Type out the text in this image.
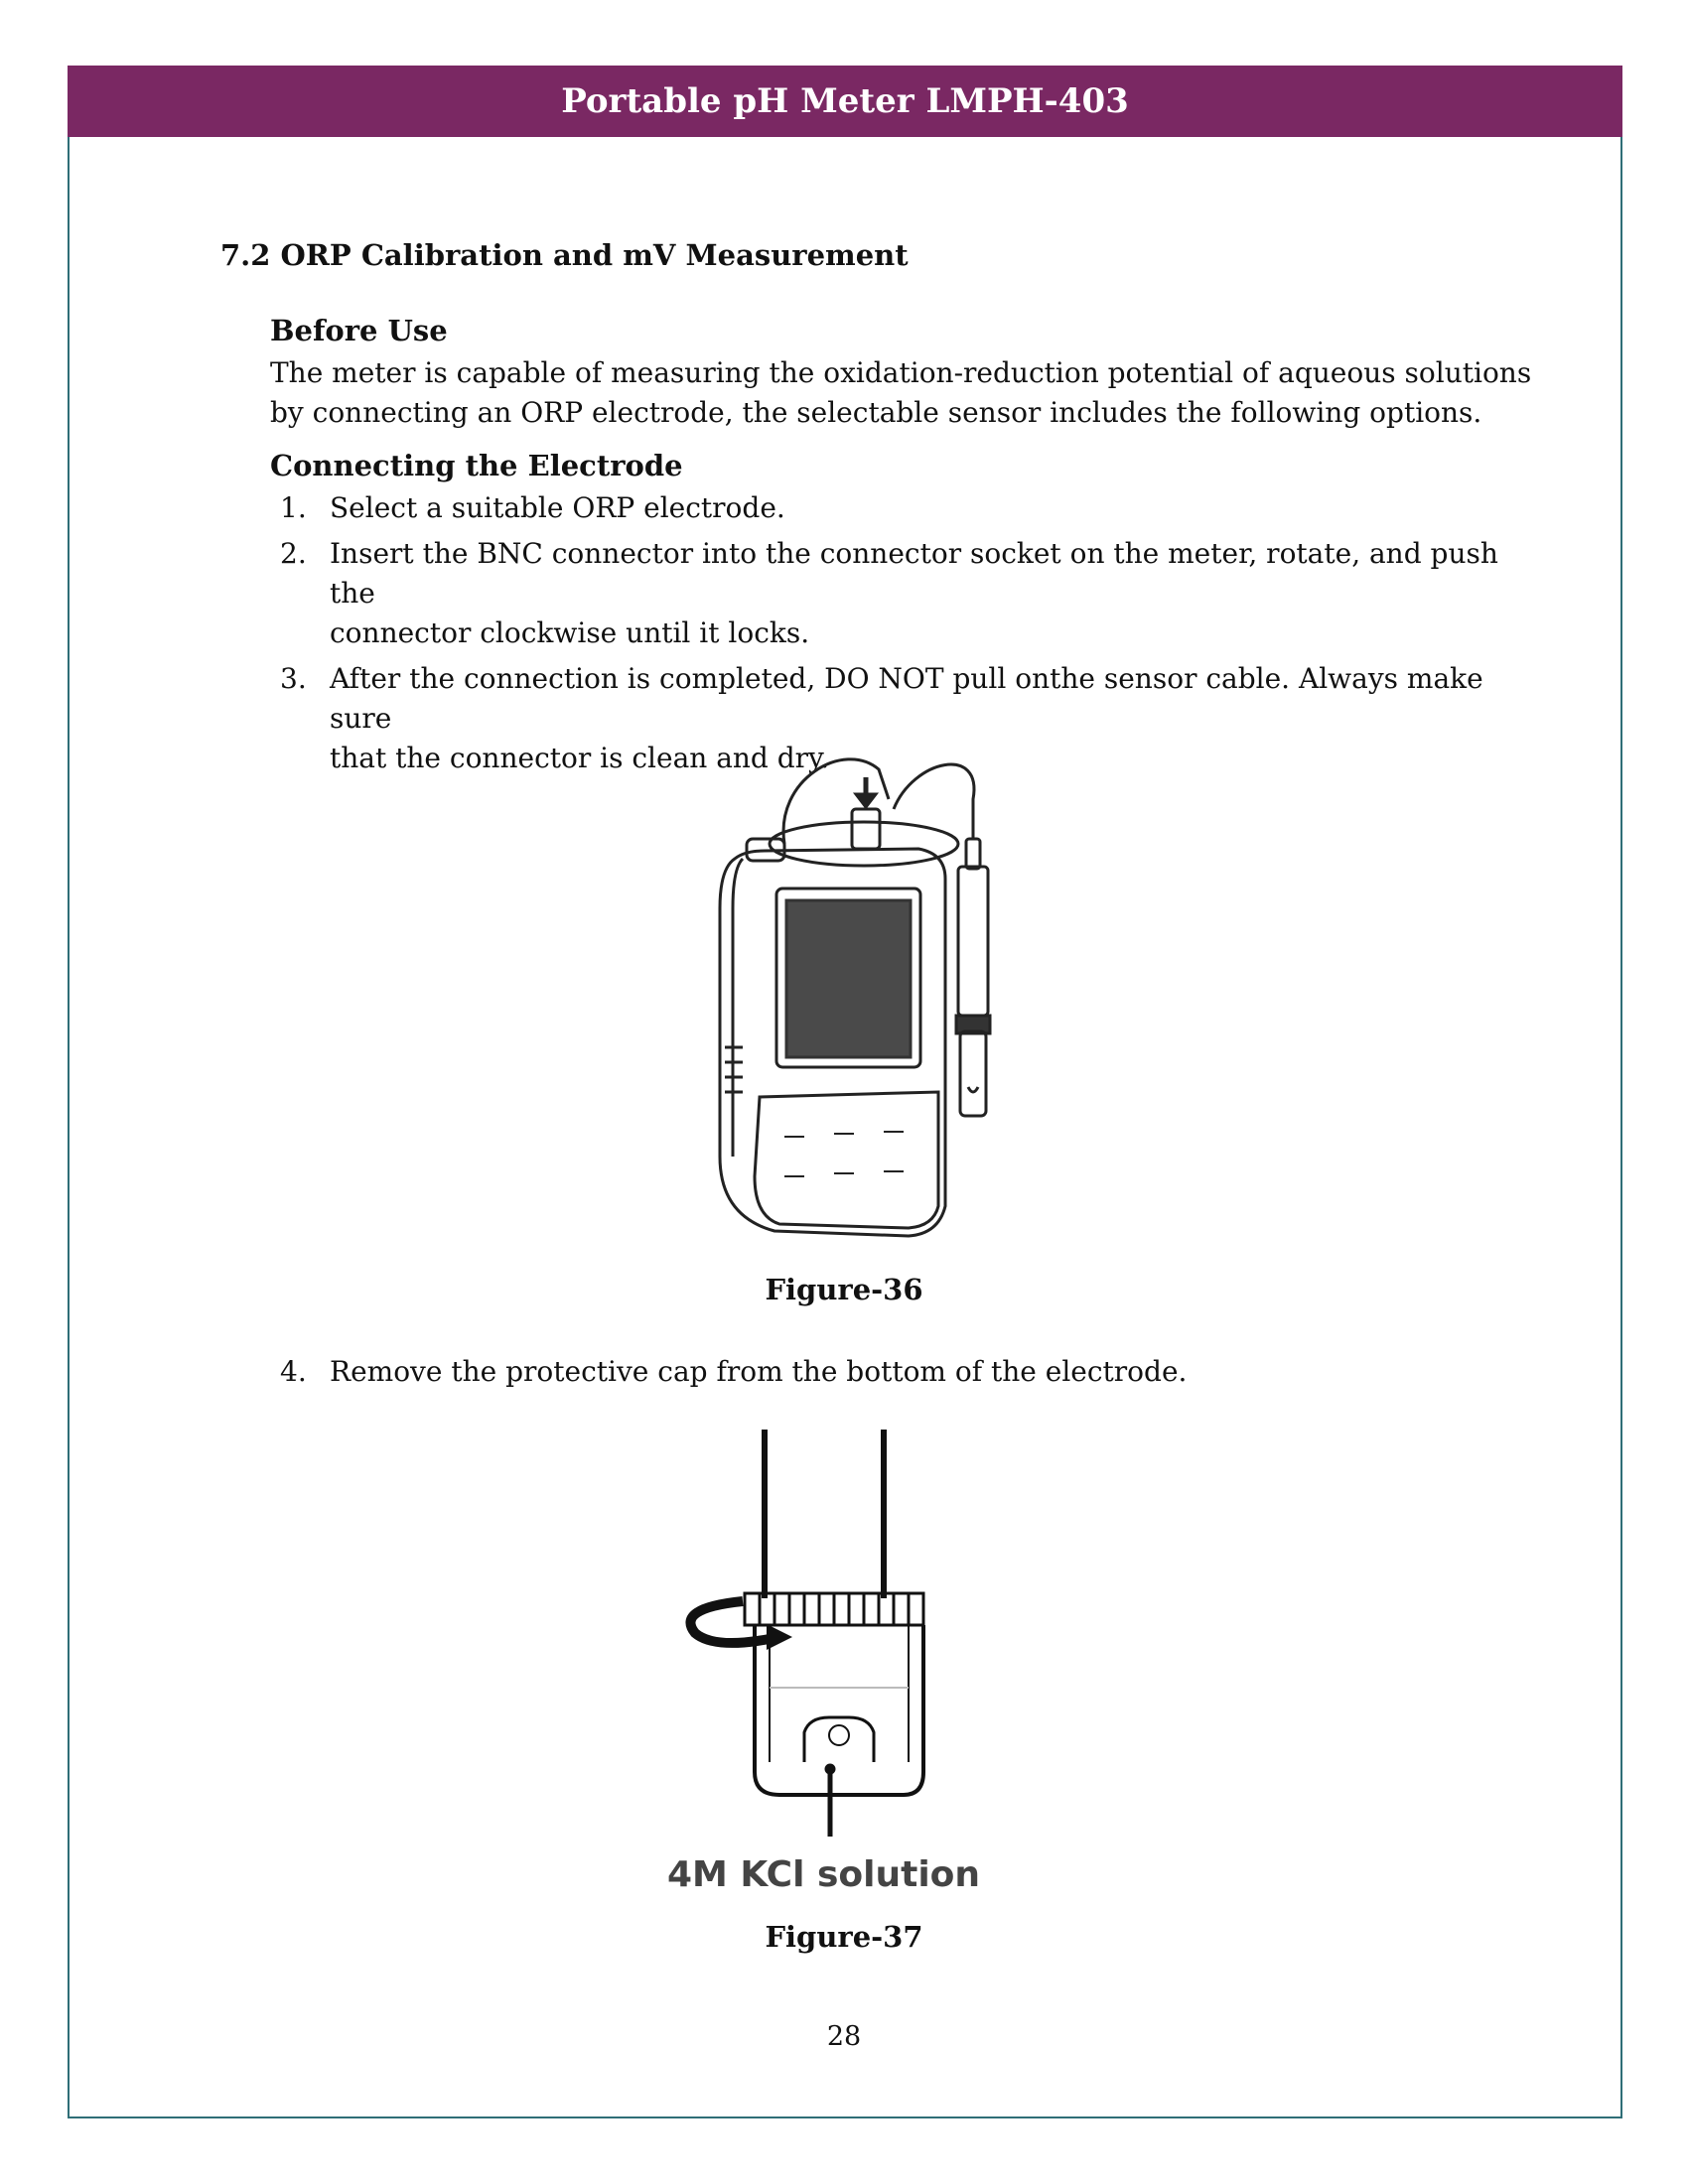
Portable pH Meter LMPH-403
7.2 ORP Calibration and mV Measurement
Before Use
The meter is capable of measuring the oxidation-reduction potential of aqueous solutions
by connecting an ORP electrode, the selectable sensor includes the following options.
Connecting the Electrode
1. Select a suitable ORP electrode.
2. Insert the BNC connector into the connector socket on the meter, rotate, and push the
connector clockwise until it locks.
3. After the connection is completed, DO NOT pull onthe sensor cable. Always make sure
that the connector is clean and dry.
Figure-36
4. Remove the protective cap from the bottom of the electrode.
4M KCl solution
Figure-37
28
